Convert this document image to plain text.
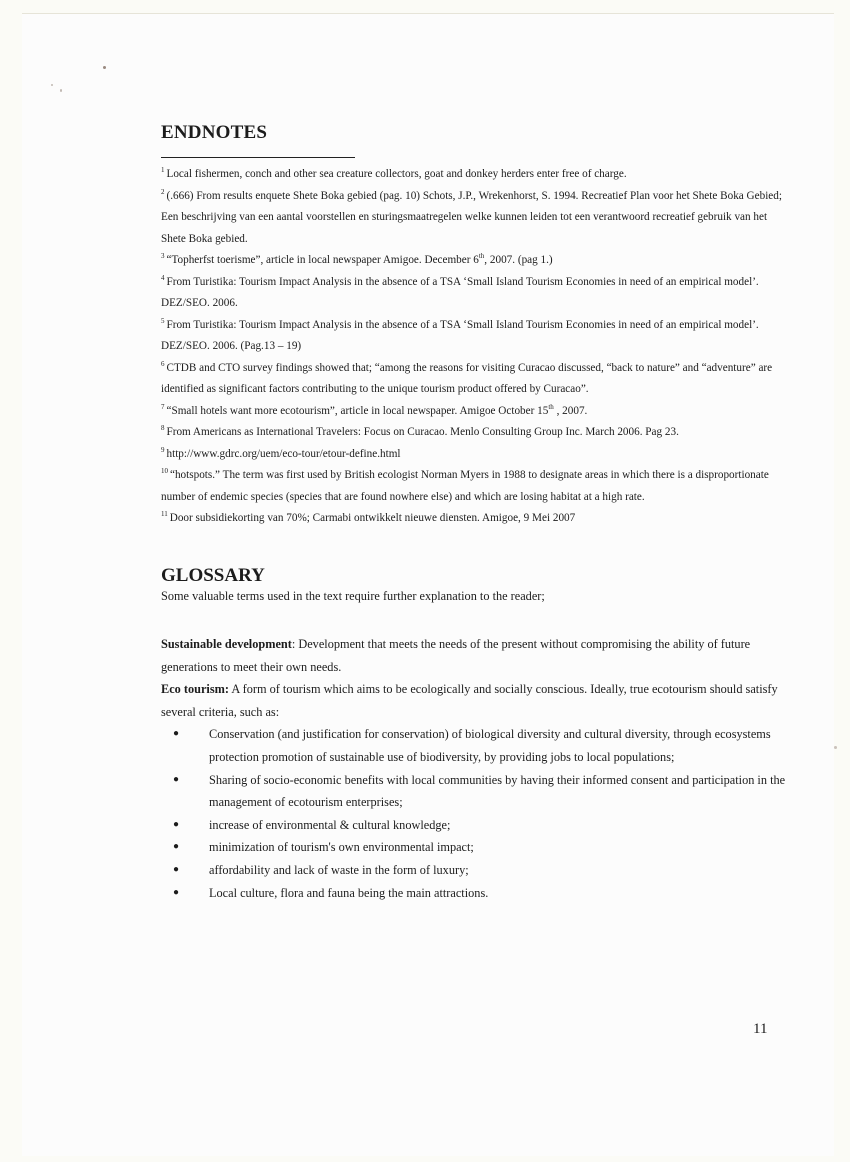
ENDNOTES

$^1$ Local fishermen, conch and other sea creature collectors, goat and donkey herders enter free of charge.

$^2$ (.666) From results enquete Shete Boka gebied (pag. 10) Schots, J.P., Wrekenhorst, S. 1994. Recreatief Plan voor het Shete Boka Gebied; Een beschrijving van een aantal voorstellen en sturingsmaatregelen welke kunnen leiden tot een verantwoord recreatief gebruik van het Shete Boka gebied.

$^3$ “Topherfst toerisme”, article in local newspaper Amigoe. December 6th, 2007. (pag 1.)

$^4$ From Turistika: Tourism Impact Analysis in the absence of a TSA ‘Small Island Tourism Economies in need of an empirical model’. DEZ/SEO. 2006.

$^5$ From Turistika: Tourism Impact Analysis in the absence of a TSA ‘Small Island Tourism Economies in need of an empirical model’. DEZ/SEO. 2006. (Pag.13 – 19)

$^6$ CTDB and CTO survey findings showed that; “among the reasons for visiting Curacao discussed, “back to nature” and “adventure” are identified as significant factors contributing to the unique tourism product offered by Curacao”.

$^7$ “Small hotels want more ecotourism”, article in local newspaper. Amigoe October 15th , 2007.

$^8$ From Americans as International Travelers: Focus on Curacao. Menlo Consulting Group Inc. March 2006. Pag 23.

$^9$ http://www.gdrc.org/uem/eco-tour/etour-define.html

$^{10}$ “hotspots.” The term was first used by British ecologist Norman Myers in 1988 to designate areas in which there is a disproportionate number of endemic species (species that are found nowhere else) and which are losing habitat at a high rate.

$^{11}$ Door subsidiekorting van 70%; Carmabi ontwikkelt nieuwe diensten. Amigoe, 9 Mei 2007

GLOSSARY

Some valuable terms used in the text require further explanation to the reader;

Sustainable development: Development that meets the needs of the present without compromising the ability of future generations to meet their own needs.

Eco tourism: A form of tourism which aims to be ecologically and socially conscious. Ideally, true ecotourism should satisfy several criteria, such as:

● Conservation (and justification for conservation) of biological diversity and cultural diversity, through ecosystems protection promotion of sustainable use of biodiversity, by providing jobs to local populations;
● Sharing of socio-economic benefits with local communities by having their informed consent and participation in the management of ecotourism enterprises;
● increase of environmental & cultural knowledge;
● minimization of tourism's own environmental impact;
● affordability and lack of waste in the form of luxury;
● Local culture, flora and fauna being the main attractions.
11
